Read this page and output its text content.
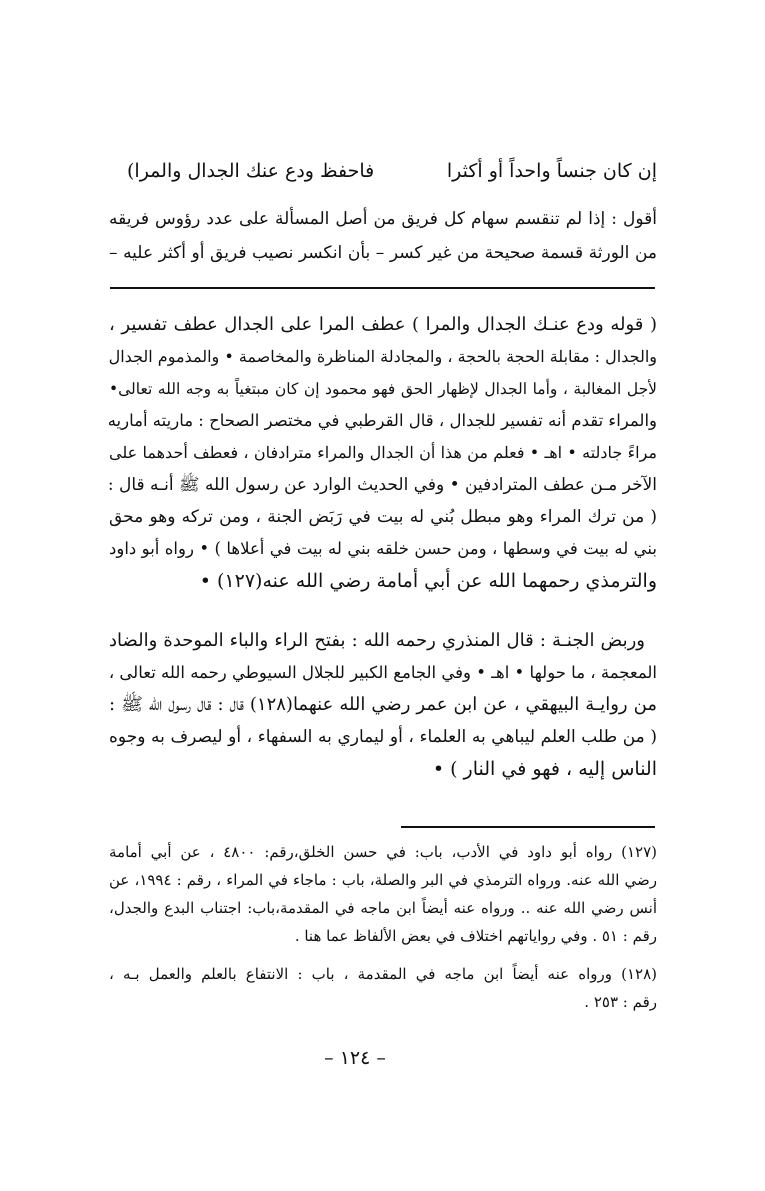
إن كان جنساً واحداً أو أكثرا
فاحفظ ودع عنك الجدال والمرا)
أقول : إذا لم تنقسم سهام كل فريق من أصل المسألة على عدد رؤوس فريقه
من الورثة قسمة صحيحة من غير كسر – بأن انكسر نصيب فريق أو أكثر عليه –
( قوله ودع عنـك الجدال والمرا ) عطف المرا على الجدال عطف تفسير ،
والجدال : مقابلة الحجة بالحجة ، والمجادلة المناظرة والمخاصمة • والمذموم الجدال
لأجل المغالبة ، وأما الجدال لإظهار الحق فهو محمود إن كان مبتغياً به وجه الله تعالى•
والمراء تقدم أنه تفسير للجدال ، قال القرطبي في مختصر الصحاح : ماريته أماريه
مراءً جادلته • اهـ • فعلم من هذا أن الجدال والمراء مترادفان ، فعطف أحدهما على
الآخر مـن عطف المترادفين • وفي الحديث الوارد عن رسول الله ﷺ أنـه قال :
( من ترك المراء وهو مبطل بُني له بيت في رَبَض الجنة ، ومن تركه وهو محق
بني له بيت في وسطها ، ومن حسن خلقه بني له بيت في أعلاها ) • رواه أبو داود
والترمذي رحمهما الله عن أبي أمامة رضي الله عنه(١٢٧) •
وربض الجنـة : قال المنذري رحمه الله : بفتح الراء والباء الموحدة والضاد
المعجمة ، ما حولها • اهـ • وفي الجامع الكبير للجلال السيوطي رحمه الله تعالى ،
من روايـة البيهقي ، عن ابن عمر رضي الله عنهما(١٢٨) قال : قال رسول الله ﷺ :
( من طلب العلم ليباهي به العلماء ، أو ليماري به السفهاء ، أو ليصرف به وجوه
الناس إليه ، فهو في النار ) •
(١٢٧) رواه أبو داود في الأدب، باب: في حسن الخلق،رقم: ٤٨٠٠ ، عن أبي أمامة
رضي الله عنه. ورواه الترمذي في البر والصلة، باب : ماجاء في المراء ، رقم : ١٩٩٤، عن
أنس رضي الله عنه .. ورواه عنه أيضاً ابن ماجه في المقدمة،باب: اجتناب البدع والجدل،
رقم : ٥١ . وفي رواياتهم اختلاف في بعض الألفاظ عما هنا .
(١٢٨) ورواه عنه أيضاً ابن ماجه في المقدمة ، باب : الانتفاع بالعلم والعمل بـه ،
رقم : ٢٥٣ .
– ١٢٤ –
